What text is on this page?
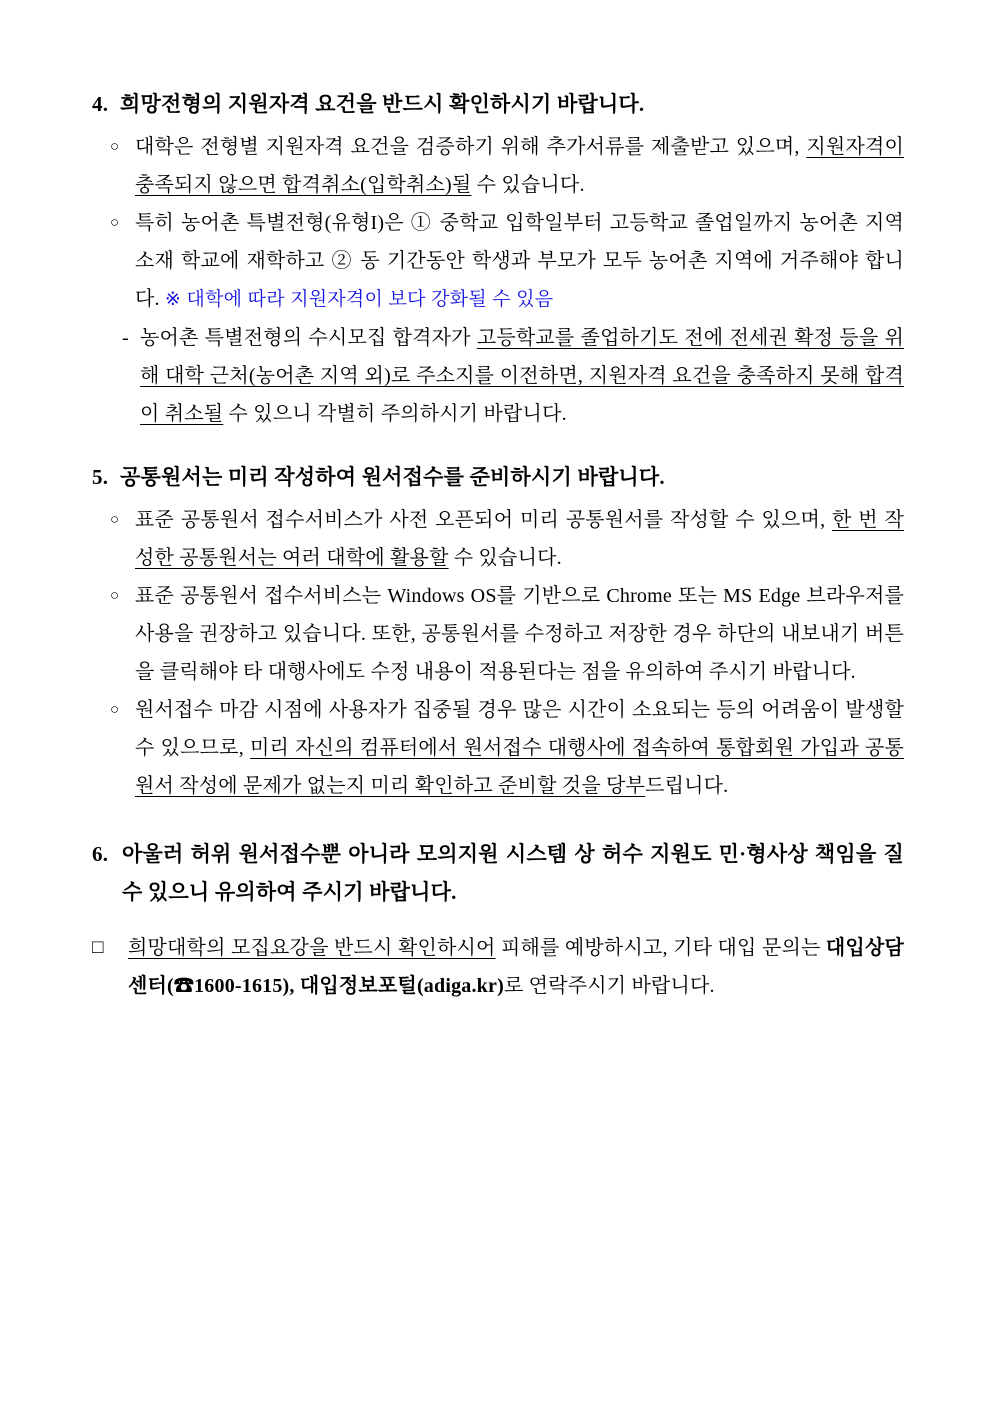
4. 희망전형의 지원자격 요건을 반드시 확인하시기 바랍니다.
○ 대학은 전형별 지원자격 요건을 검증하기 위해 추가서류를 제출받고 있으며, 지원자격이 충족되지 않으면 합격취소(입학취소)될 수 있습니다.

○ 특히 농어촌 특별전형(유형I)은 ① 중학교 입학일부터 고등학교 졸업일까지 농어촌 지역 소재 학교에 재학하고 ② 동 기간동안 학생과 부모가 모두 농어촌 지역에 거주해야 합니다. ※ 대학에 따라 지원자격이 보다 강화될 수 있음

- 농어촌 특별전형의 수시모집 합격자가 고등학교를 졸업하기도 전에 전세권 확정 등을 위해 대학 근처(농어촌 지역 외)로 주소지를 이전하면, 지원자격 요건을 충족하지 못해 합격이 취소될 수 있으니 각별히 주의하시기 바랍니다.

5. 공통원서는 미리 작성하여 원서접수를 준비하시기 바랍니다.
○ 표준 공통원서 접수서비스가 사전 오픈되어 미리 공통원서를 작성할 수 있으며, 한 번 작성한 공통원서는 여러 대학에 활용할 수 있습니다.

○ 표준 공통원서 접수서비스는 Windows OS를 기반으로 Chrome 또는 MS Edge 브라우저를 사용을 권장하고 있습니다. 또한, 공통원서를 수정하고 저장한 경우 하단의 내보내기 버튼을 클릭해야 타 대행사에도 수정 내용이 적용된다는 점을 유의하여 주시기 바랍니다.

○ 원서접수 마감 시점에 사용자가 집중될 경우 많은 시간이 소요되는 등의 어려움이 발생할 수 있으므로, 미리 자신의 컴퓨터에서 원서접수 대행사에 접속하여 통합회원 가입과 공통원서 작성에 문제가 없는지 미리 확인하고 준비할 것을 당부드립니다.

6. 아울러 허위 원서접수뿐 아니라 모의지원 시스템 상 허수 지원도 민·형사상 책임을 질 수 있으니 유의하여 주시기 바랍니다.

□	희망대학의 모집요강을 반드시 확인하시어 피해를 예방하시고, 기타 대입 문의는 대입상담센터(☎1600-1615), 대입정보포털(adiga.kr)로 연락주시기 바랍니다.
